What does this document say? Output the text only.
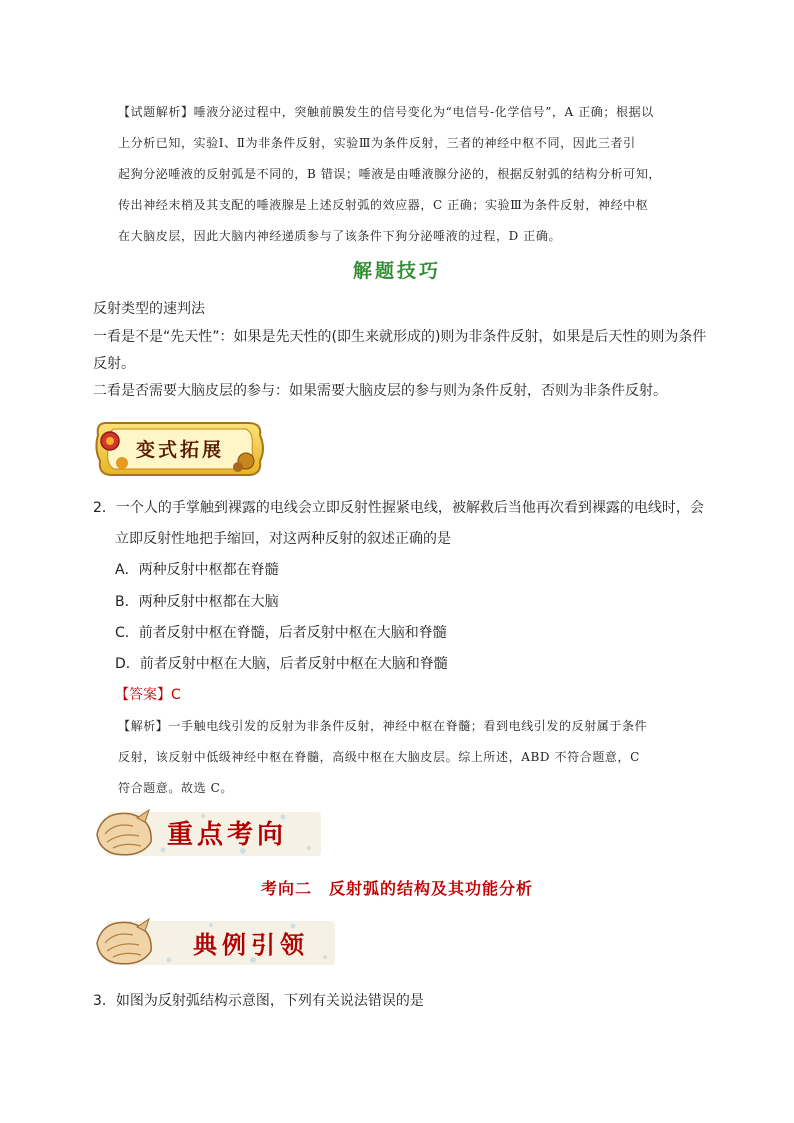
【试题解析】唾液分泌过程中，突触前膜发生的信号变化为“电信号-化学信号”，A 正确；根据以
上分析已知，实验Ⅰ、Ⅱ为非条件反射，实验Ⅲ为条件反射，三者的神经中枢不同，因此三者引
起狗分泌唾液的反射弧是不同的，B 错误；唾液是由唾液腺分泌的，根据反射弧的结构分析可知，
传出神经末梢及其支配的唾液腺是上述反射弧的效应器，C 正确；实验Ⅲ为条件反射，神经中枢
在大脑皮层，因此大脑内神经递质参与了该条件下狗分泌唾液的过程，D 正确。
解题技巧
反射类型的速判法
一看是不是“先天性”：如果是先天性的(即生来就形成的)则为非条件反射，如果是后天性的则为条件
反射。
二看是否需要大脑皮层的参与：如果需要大脑皮层的参与则为条件反射，否则为非条件反射。
变式拓展
2．一个人的手掌触到裸露的电线会立即反射性握紧电线，被解救后当他再次看到裸露的电线时，会
立即反射性地把手缩回，对这两种反射的叙述正确的是
A．两种反射中枢都在脊髓
B．两种反射中枢都在大脑
C．前者反射中枢在脊髓，后者反射中枢在大脑和脊髓
D．前者反射中枢在大脑，后者反射中枢在大脑和脊髓
【答案】C
【解析】一手触电线引发的反射为非条件反射，神经中枢在脊髓；看到电线引发的反射属于条件
反射，该反射中低级神经中枢在脊髓，高级中枢在大脑皮层。综上所述，ABD 不符合题意，C
符合题意。故选 C。
重点考向
考向二　反射弧的结构及其功能分析
典例引领
3．如图为反射弧结构示意图，下列有关说法错误的是
